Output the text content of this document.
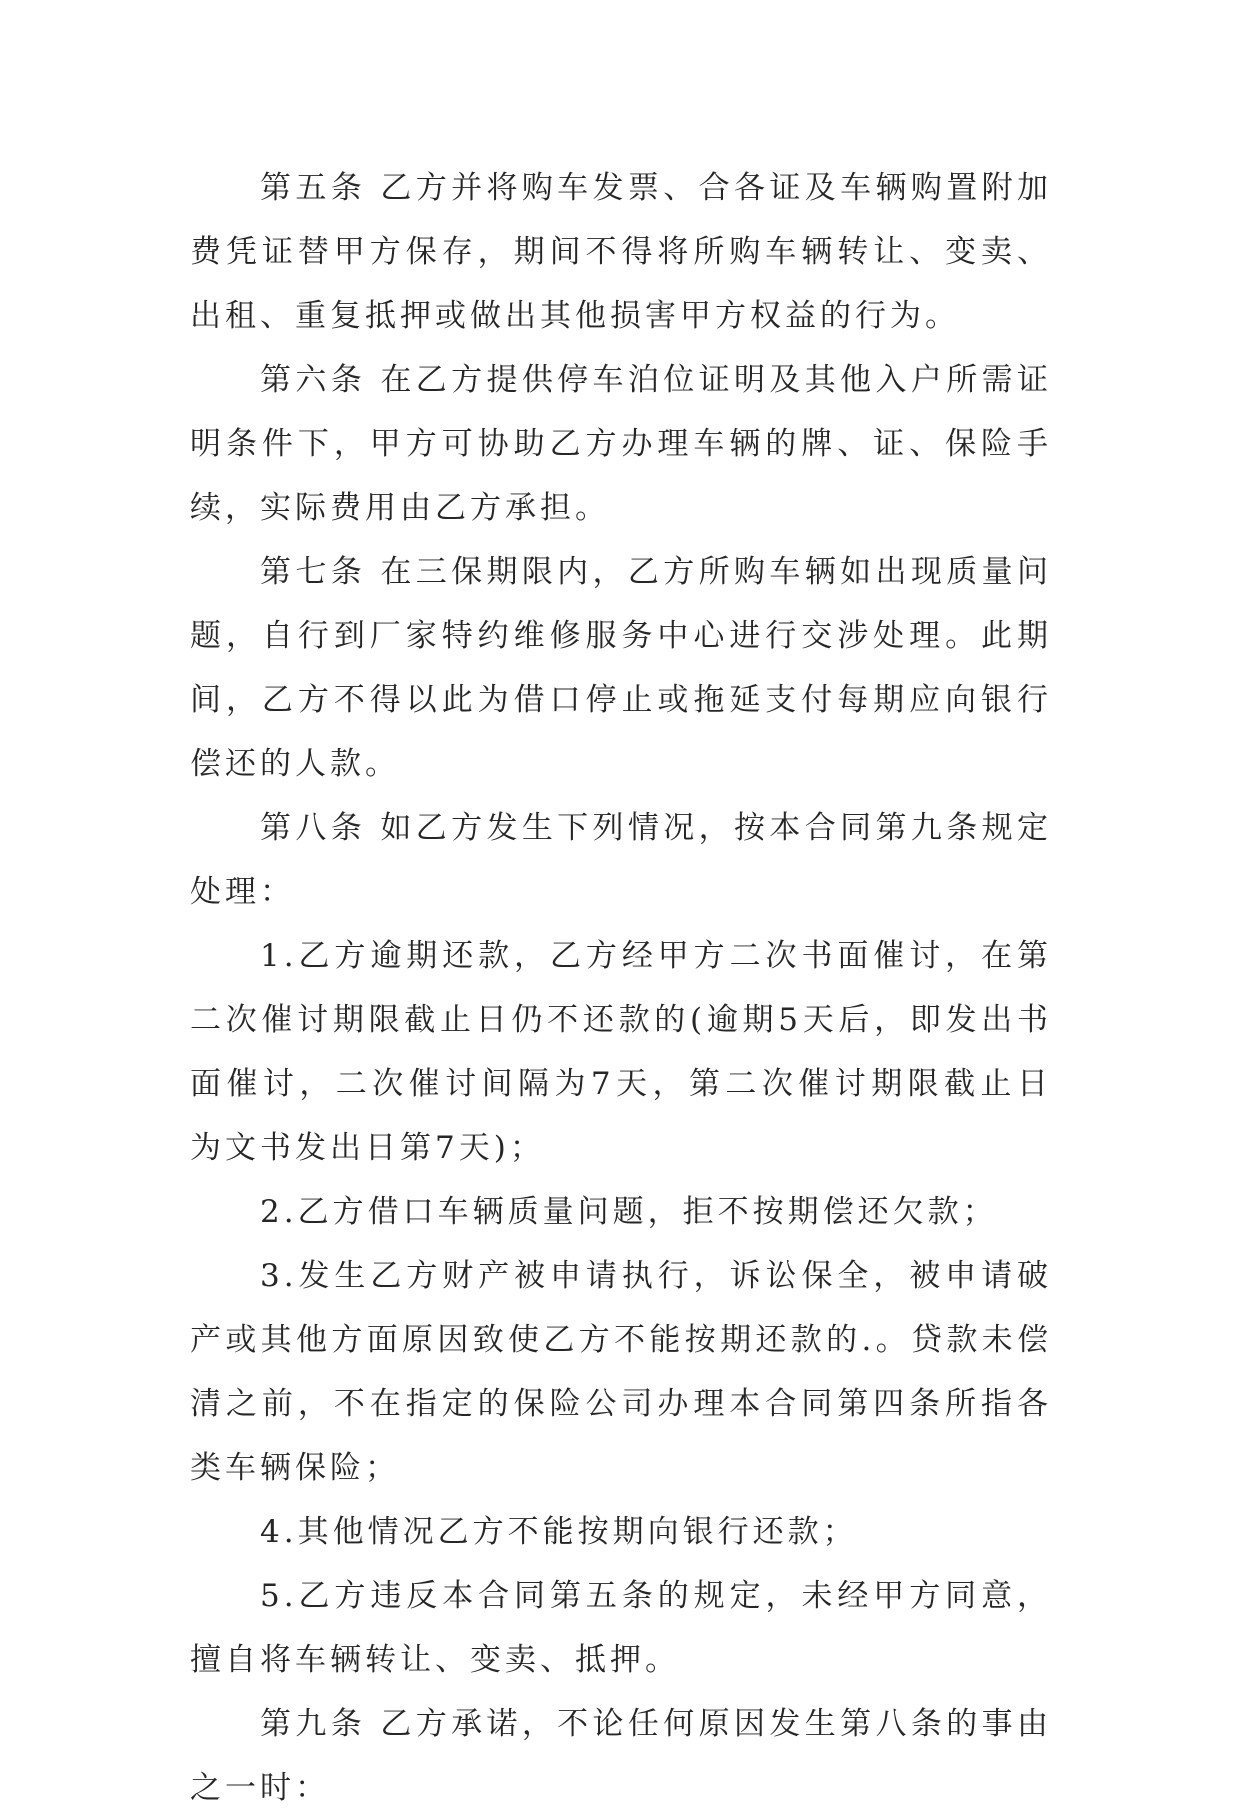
第五条 乙方并将购车发票、合各证及车辆购置附加费凭证替甲方保存，期间不得将所购车辆转让、变卖、出租、重复抵押或做出其他损害甲方权益的行为。

第六条 在乙方提供停车泊位证明及其他入户所需证明条件下，甲方可协助乙方办理车辆的牌、证、保险手续，实际费用由乙方承担。

第七条 在三保期限内，乙方所购车辆如出现质量问题，自行到厂家特约维修服务中心进行交涉处理。此期间，乙方不得以此为借口停止或拖延支付每期应向银行偿还的人款。

第八条 如乙方发生下列情况，按本合同第九条规定处理：

1.乙方逾期还款，乙方经甲方二次书面催讨，在第二次催讨期限截止日仍不还款的(逾期5天后，即发出书面催讨，二次催讨间隔为7天，第二次催讨期限截止日为文书发出日第7天)；

2.乙方借口车辆质量问题，拒不按期偿还欠款；

3.发生乙方财产被申请执行，诉讼保全，被申请破产或其他方面原因致使乙方不能按期还款的.。贷款未偿清之前，不在指定的保险公司办理本合同第四条所指各类车辆保险；

4.其他情况乙方不能按期向银行还款；

5.乙方违反本合同第五条的规定，未经甲方同意，擅自将车辆转让、变卖、抵押。

第九条 乙方承诺，不论任何原因发生第八条的事由之一时：
